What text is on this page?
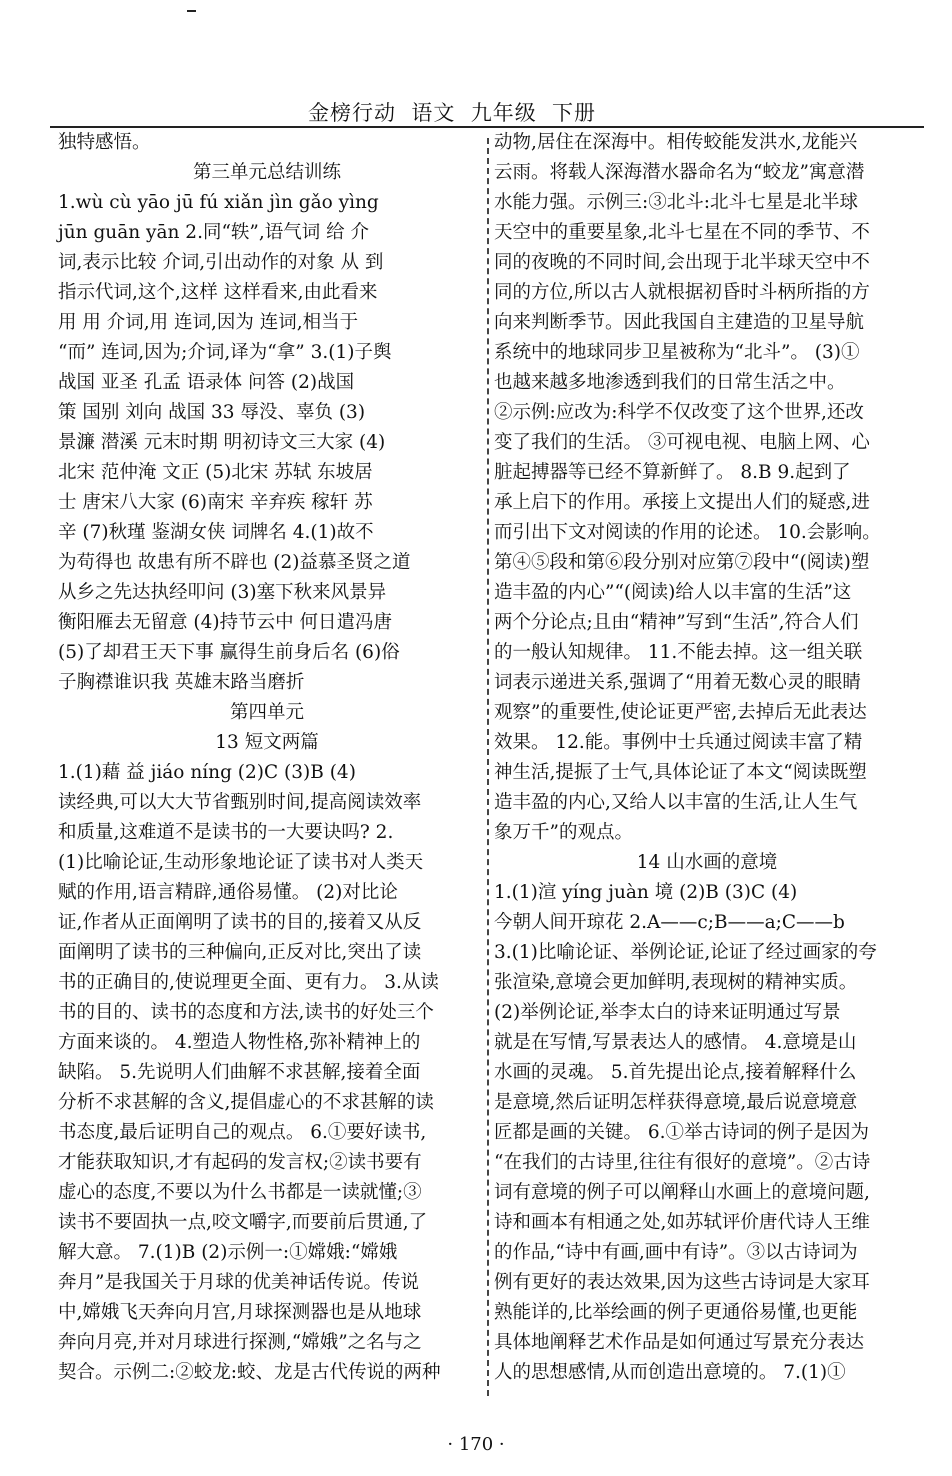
金榜行动  语文  九年级  下册

独特感悟。

第三单元总结训练

1.wù cù yāo jū fú xiǎn jìn gǎo yìng

jūn guān yān 2.同“轶”,语气词 给 介

词,表示比较 介词,引出动作的对象 从 到

指示代词,这个,这样 这样看来,由此看来

用 用 介词,用 连词,因为 连词,相当于

“而” 连词,因为;介词,译为“拿” 3.(1)子舆

战国 亚圣 孔孟 语录体 问答 (2)战国

策 国别 刘向 战国 33 辱没、辜负 (3)

景濂 潜溪 元末时期 明初诗文三大家 (4)

北宋 范仲淹 文正 (5)北宋 苏轼 东坡居

士 唐宋八大家 (6)南宋 辛弃疾 稼轩 苏

辛 (7)秋瑾 鉴湖女侠 词牌名 4.(1)故不

为苟得也 故患有所不辟也 (2)益慕圣贤之道

从乡之先达执经叩问 (3)塞下秋来风景异

衡阳雁去无留意 (4)持节云中 何日遣冯唐

(5)了却君王天下事 赢得生前身后名 (6)俗

子胸襟谁识我 英雄末路当磨折

第四单元

13 短文两篇

1.(1)藉 益 jiáo níng (2)C (3)B (4)

读经典,可以大大节省甄别时间,提高阅读效率

和质量,这难道不是读书的一大要诀吗? 2.

(1)比喻论证,生动形象地论证了读书对人类天

赋的作用,语言精辟,通俗易懂。 (2)对比论

证,作者从正面阐明了读书的目的,接着又从反

面阐明了读书的三种偏向,正反对比,突出了读

书的正确目的,使说理更全面、更有力。 3.从读

书的目的、读书的态度和方法,读书的好处三个

方面来谈的。 4.塑造人物性格,弥补精神上的

缺陷。 5.先说明人们曲解不求甚解,接着全面

分析不求甚解的含义,提倡虚心的不求甚解的读

书态度,最后证明自己的观点。 6.①要好读书,

才能获取知识,才有起码的发言权;②读书要有

虚心的态度,不要以为什么书都是一读就懂;③

读书不要固执一点,咬文嚼字,而要前后贯通,了

解大意。 7.(1)B (2)示例一:①嫦娥:“嫦娥

奔月”是我国关于月球的优美神话传说。传说

中,嫦娥飞天奔向月宫,月球探测器也是从地球

奔向月亮,并对月球进行探测,“嫦娥”之名与之

契合。示例二:②蛟龙:蛟、龙是古代传说的两种

动物,居住在深海中。相传蛟能发洪水,龙能兴

云雨。将载人深海潜水器命名为“蛟龙”寓意潜

水能力强。示例三:③北斗:北斗七星是北半球

天空中的重要星象,北斗七星在不同的季节、不

同的夜晚的不同时间,会出现于北半球天空中不

同的方位,所以古人就根据初昏时斗柄所指的方

向来判断季节。因此我国自主建造的卫星导航

系统中的地球同步卫星被称为“北斗”。 (3)①

也越来越多地渗透到我们的日常生活之中。

②示例:应改为:科学不仅改变了这个世界,还改

变了我们的生活。 ③可视电视、电脑上网、心

脏起搏器等已经不算新鲜了。 8.B 9.起到了

承上启下的作用。承接上文提出人们的疑惑,进

而引出下文对阅读的作用的论述。 10.会影响。

第④⑤段和第⑥段分别对应第⑦段中“(阅读)塑

造丰盈的内心”“(阅读)给人以丰富的生活”这

两个分论点;且由“精神”写到“生活”,符合人们

的一般认知规律。 11.不能去掉。这一组关联

词表示递进关系,强调了“用着无数心灵的眼睛

观察”的重要性,使论证更严密,去掉后无此表达

效果。 12.能。事例中士兵通过阅读丰富了精

神生活,提振了士气,具体论证了本文“阅读既塑

造丰盈的内心,又给人以丰富的生活,让人生气

象万千”的观点。

14 山水画的意境

1.(1)渲 yíng juàn 境 (2)B (3)C (4)

今朝人间开琼花 2.A——c;B——a;C——b

3.(1)比喻论证、举例论证,论证了经过画家的夸

张渲染,意境会更加鲜明,表现树的精神实质。

(2)举例论证,举李太白的诗来证明通过写景

就是在写情,写景表达人的感情。 4.意境是山

水画的灵魂。 5.首先提出论点,接着解释什么

是意境,然后证明怎样获得意境,最后说意境意

匠都是画的关键。 6.①举古诗词的例子是因为

“在我们的古诗里,往往有很好的意境”。②古诗

词有意境的例子可以阐释山水画上的意境问题,

诗和画本有相通之处,如苏轼评价唐代诗人王维

的作品,“诗中有画,画中有诗”。③以古诗词为

例有更好的表达效果,因为这些古诗词是大家耳

熟能详的,比举绘画的例子更通俗易懂,也更能

具体地阐释艺术作品是如何通过写景充分表达

人的思想感情,从而创造出意境的。 7.(1)①

· 170 ·
